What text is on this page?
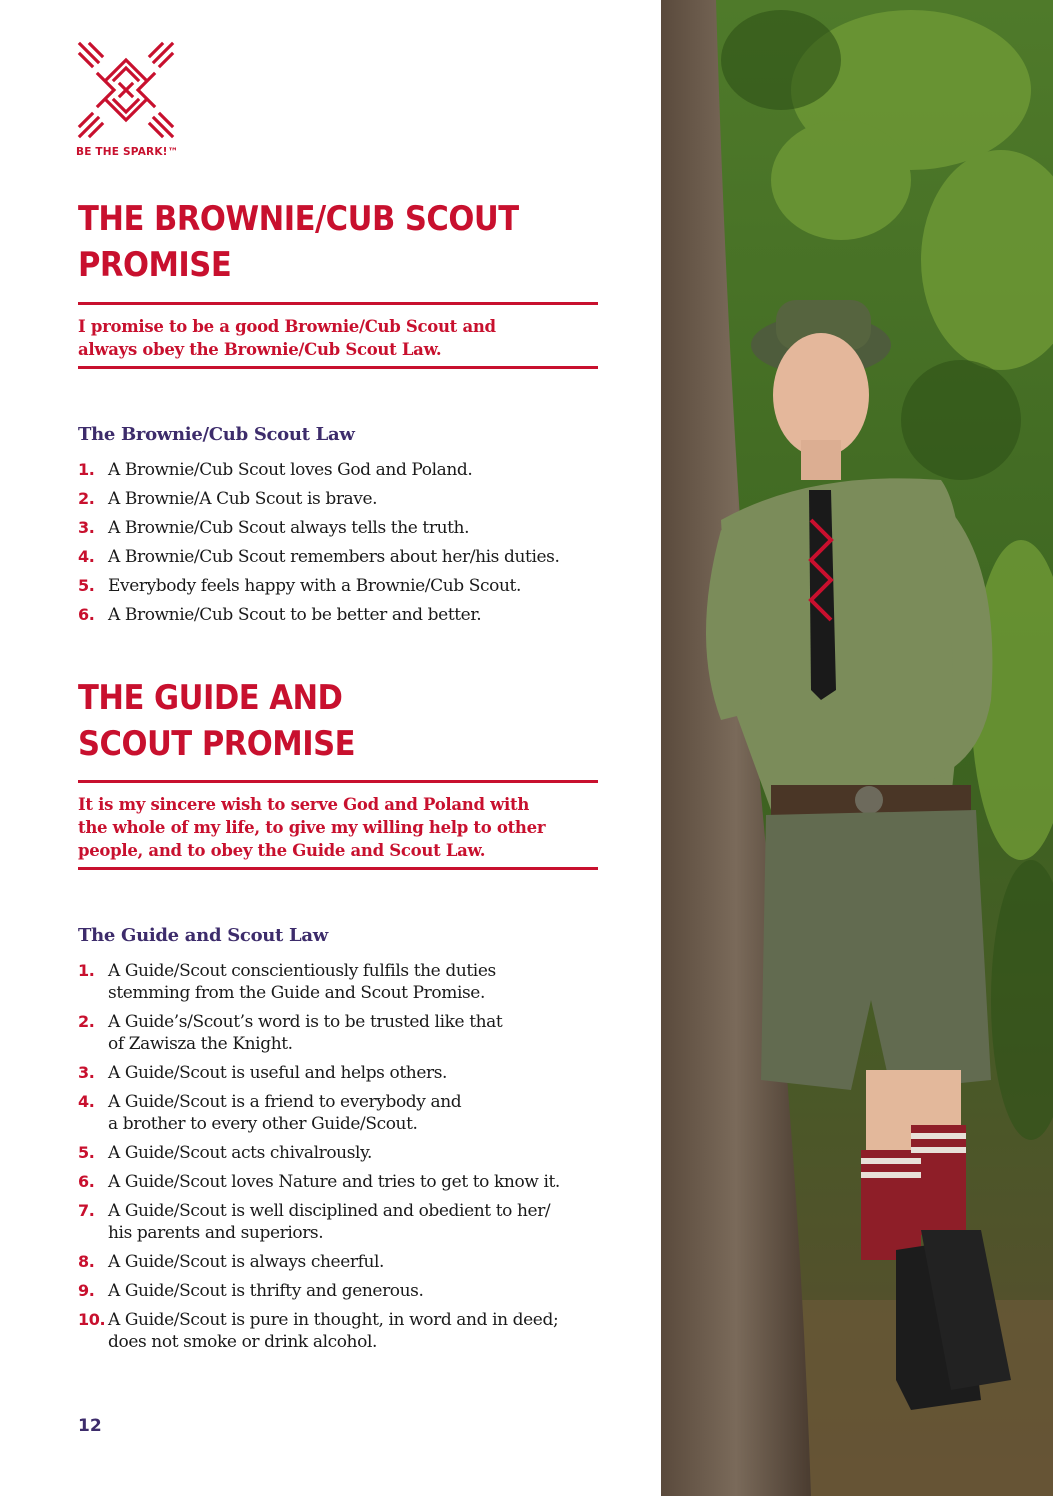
BE THE SPARK!™
THE BROWNIE/CUB SCOUT
PROMISE
I promise to be a good Brownie/Cub Scout and
always obey the Brownie/Cub Scout Law.
The Brownie/Cub Scout Law
1. A Brownie/Cub Scout loves God and Poland.
2. A Brownie/A Cub Scout is brave.
3. A Brownie/Cub Scout always tells the truth.
4. A Brownie/Cub Scout remembers about her/his duties.
5. Everybody feels happy with a Brownie/Cub Scout.
6. A Brownie/Cub Scout to be better and better.
THE GUIDE AND
SCOUT PROMISE
It is my sincere wish to serve God and Poland with
the whole of my life, to give my willing help to other
people, and to obey the Guide and Scout Law.
The Guide and Scout Law
1. A Guide/Scout conscientiously fulfils the duties
stemming from the Guide and Scout Promise.
2. A Guide’s/Scout’s word is to be trusted like that
of Zawisza the Knight.
3. A Guide/Scout is useful and helps others.
4. A Guide/Scout is a friend to everybody and
a brother to every other Guide/Scout.
5. A Guide/Scout acts chivalrously.
6. A Guide/Scout loves Nature and tries to get to know it.
7. A Guide/Scout is well disciplined and obedient to her/
his parents and superiors.
8. A Guide/Scout is always cheerful.
9. A Guide/Scout is thrifty and generous.
10. A Guide/Scout is pure in thought, in word and in deed;
does not smoke or drink alcohol.
12
